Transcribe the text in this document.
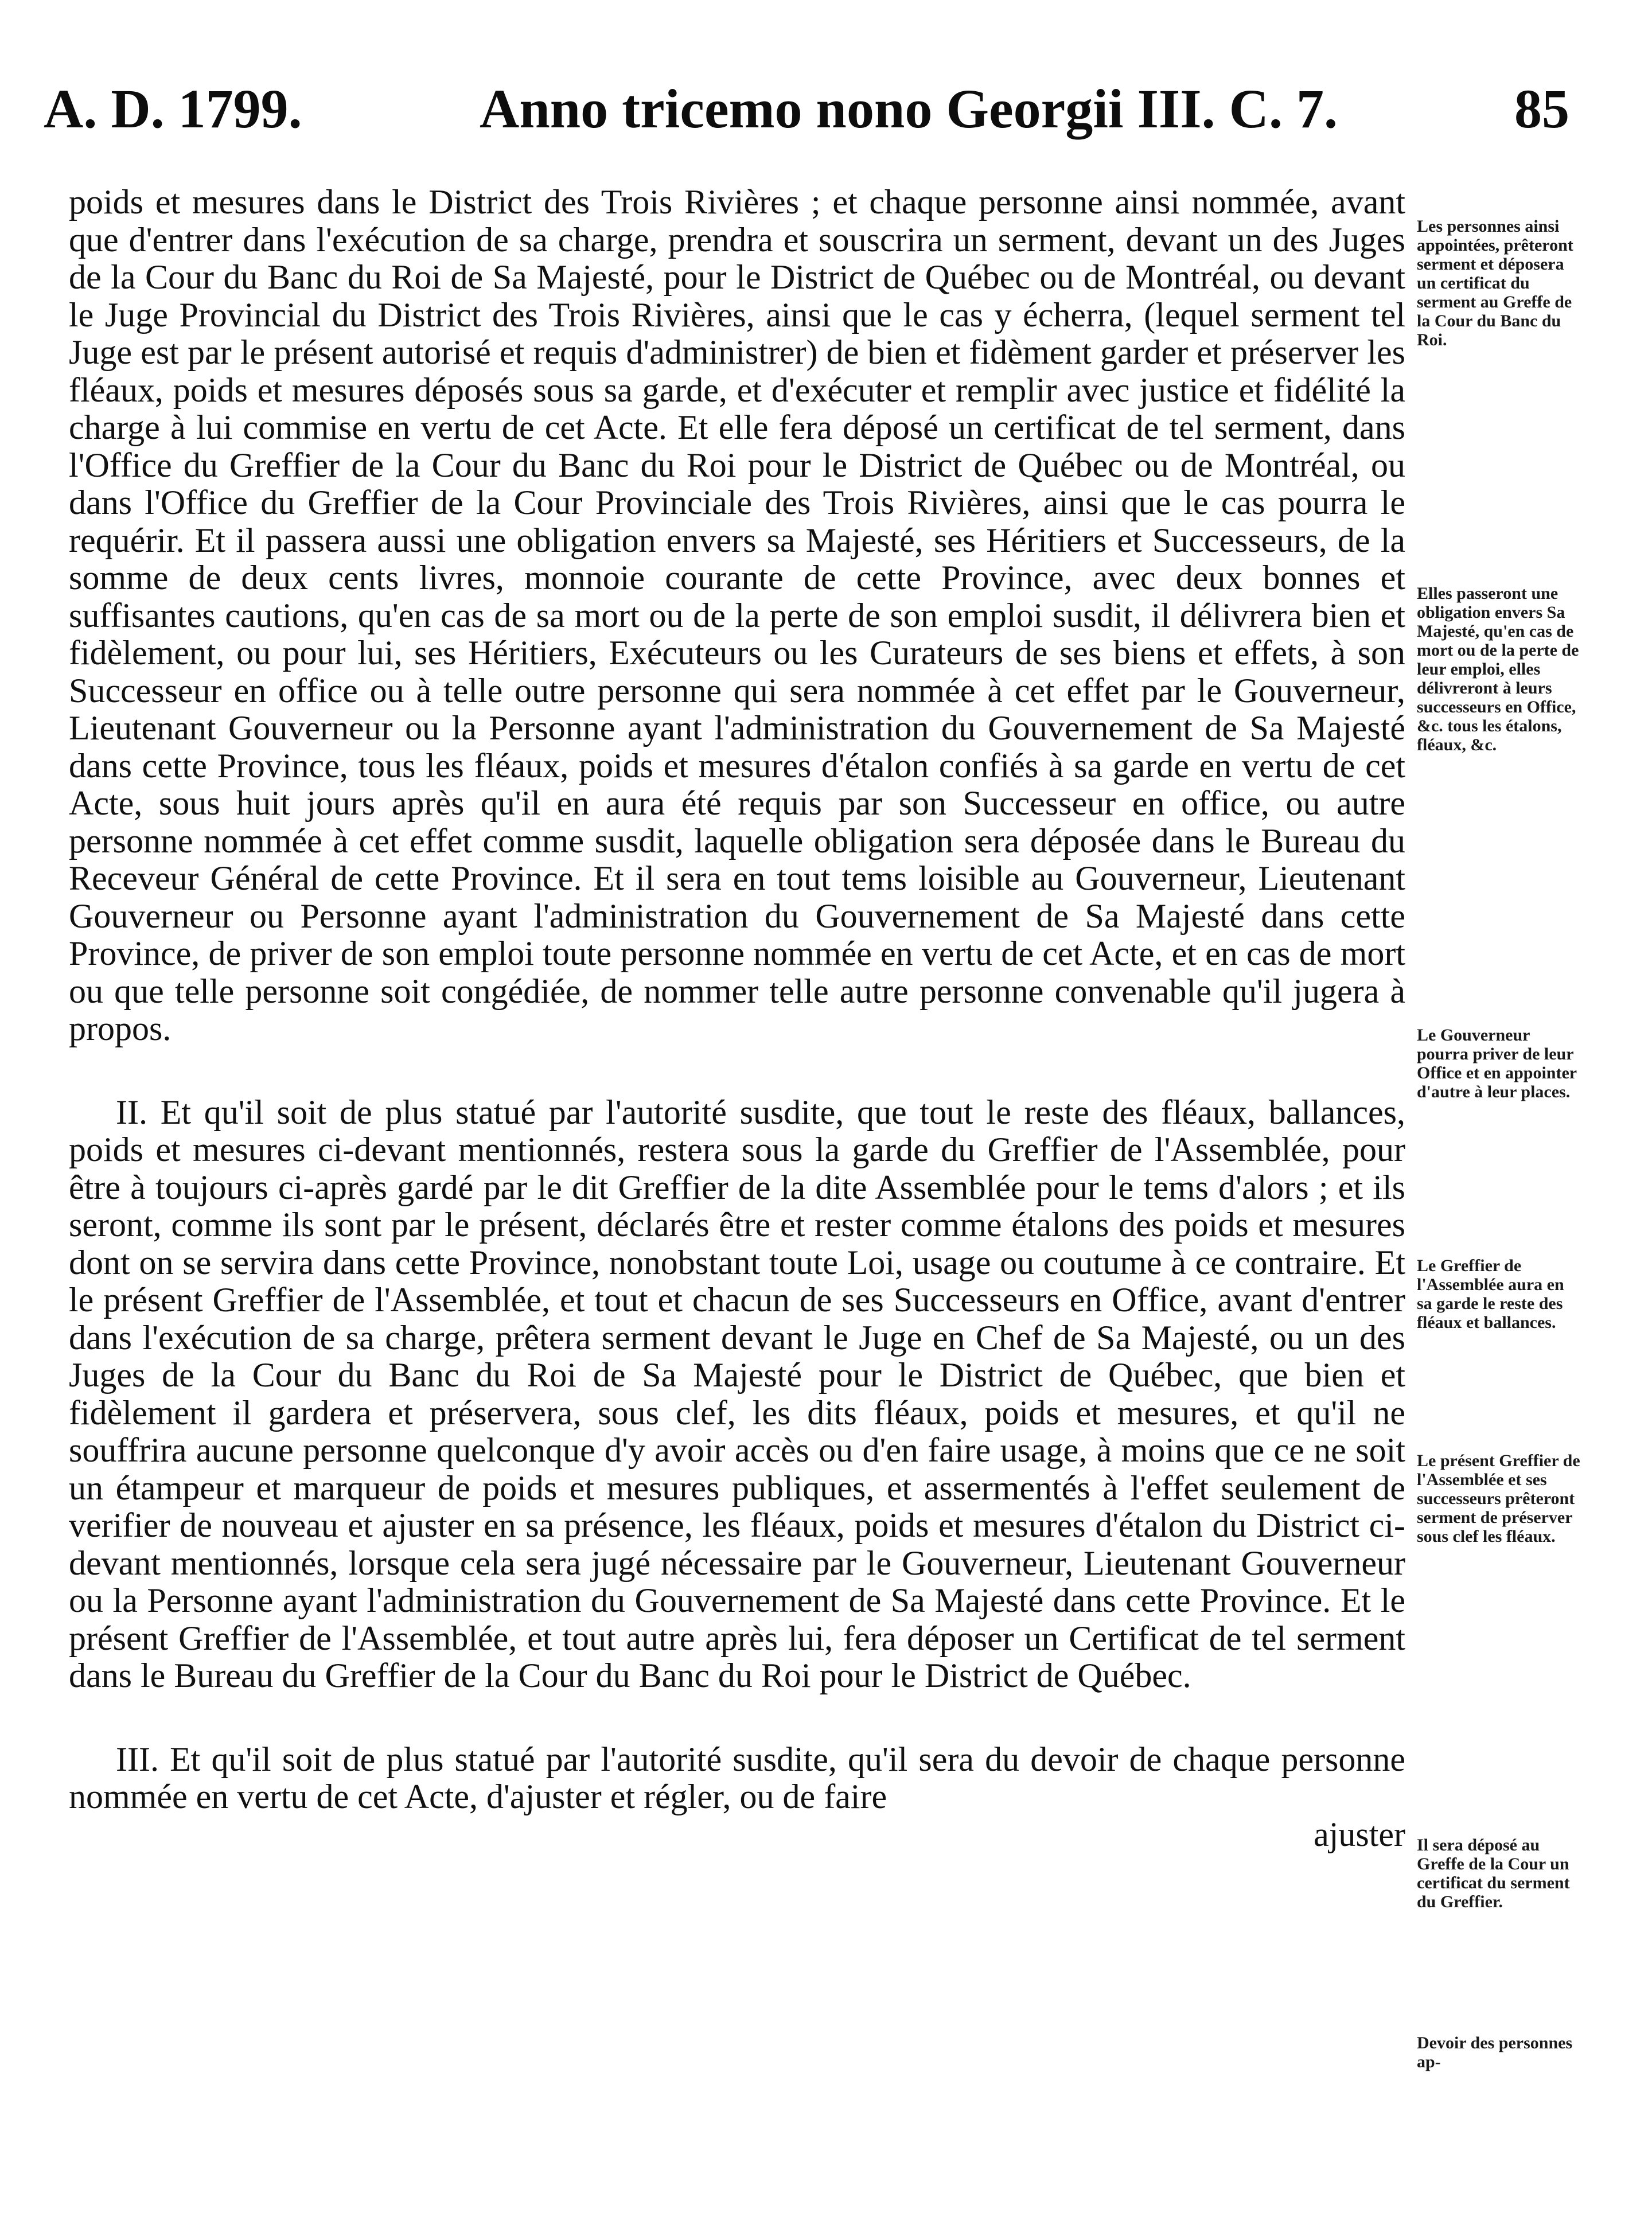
A. D. 1799.	Anno tricemo nono Georgii III. C. 7.	85

poids et mesures dans le District des Trois Rivières ; et chaque personne ainsi nommée, avant que d'entrer dans l'exécution de sa charge, prendra et souscrira un serment, devant un des Juges de la Cour du Banc du Roi de Sa Majesté, pour le District de Québec ou de Montréal, ou devant le Juge Provincial du District des Trois Rivières, ainsi que le cas y écherra, (lequel serment tel Juge est par le présent autorisé et requis d'administrer) de bien et fidèment garder et préserver les fléaux, poids et mesures déposés sous sa garde, et d'exécuter et remplir avec justice et fidélité la charge à lui commise en vertu de cet Acte. Et elle fera déposé un certificat de tel serment, dans l'Office du Greffier de la Cour du Banc du Roi pour le District de Québec ou de Montréal, ou dans l'Office du Greffier de la Cour Provinciale des Trois Rivières, ainsi que le cas pourra le requérir. Et il passera aussi une obligation envers sa Majesté, ses Héritiers et Successeurs, de la somme de deux cents livres, monnoie courante de cette Province, avec deux bonnes et suffisantes cautions, qu'en cas de sa mort ou de la perte de son emploi susdit, il délivrera bien et fidèlement, ou pour lui, ses Héritiers, Exécuteurs ou les Curateurs de ses biens et effets, à son Successeur en office ou à telle outre personne qui sera nommée à cet effet par le Gouverneur, Lieutenant Gouverneur ou la Personne ayant l'administration du Gouvernement de Sa Majesté dans cette Province, tous les fléaux, poids et mesures d'étalon confiés à sa garde en vertu de cet Acte, sous huit jours après qu'il en aura été requis par son Successeur en office, ou autre personne nommée à cet effet comme susdit, laquelle obligation sera déposée dans le Bureau du Receveur Général de cette Province. Et il sera en tout tems loisible au Gouverneur, Lieutenant Gouverneur ou Personne ayant l'administration du Gouvernement de Sa Majesté dans cette Province, de priver de son emploi toute personne nommée en vertu de cet Acte, et en cas de mort ou que telle personne soit congédiée, de nommer telle autre personne convenable qu'il jugera à propos.

II. Et qu'il soit de plus statué par l'autorité susdite, que tout le reste des fléaux, ballances, poids et mesures ci-devant mentionnés, restera sous la garde du Greffier de l'Assemblée, pour être à toujours ci-après gardé par le dit Greffier de la dite Assemblée pour le tems d'alors ; et ils seront, comme ils sont par le présent, déclarés être et rester comme étalons des poids et mesures dont on se servira dans cette Province, nonobstant toute Loi, usage ou coutume à ce contraire. Et le présent Greffier de l'Assemblée, et tout et chacun de ses Successeurs en Office, avant d'entrer dans l'exécution de sa charge, prêtera serment devant le Juge en Chef de Sa Majesté, ou un des Juges de la Cour du Banc du Roi de Sa Majesté pour le District de Québec, que bien et fidèlement il gardera et préservera, sous clef, les dits fléaux, poids et mesures, et qu'il ne souffrira aucune personne quelconque d'y avoir accès ou d'en faire usage, à moins que ce ne soit un étampeur et marqueur de poids et mesures publiques, et assermentés à l'effet seulement de verifier de nouveau et ajuster en sa présence, les fléaux, poids et mesures d'étalon du District ci-devant mentionnés, lorsque cela sera jugé nécessaire par le Gouverneur, Lieutenant Gouverneur ou la Personne ayant l'administration du Gouvernement de Sa Majesté dans cette Province. Et le présent Greffier de l'Assemblée, et tout autre après lui, fera déposer un Certificat de tel serment dans le Bureau du Greffier de la Cour du Banc du Roi pour le District de Québec.

III. Et qu'il soit de plus statué par l'autorité susdite, qu'il sera du devoir de chaque personne nommée en vertu de cet Acte, d'ajuster et régler, ou de faire

ajuster

Les personnes ainsi appointées, prêteront serment et déposera un certificat du serment au Greffe de la Cour du Banc du Roi.
Elles passeront une obligation envers Sa Majesté, qu'en cas de mort ou de la perte de leur emploi, elles délivreront à leurs successeurs en Office, &c. tous les étalons, fléaux, &c.
Le Gouverneur pourra priver de leur Office et en appointer d'autre à leur places.
Le Greffier de l'Assemblée aura en sa garde le reste des fléaux et ballances.
Le présent Greffier de l'Assemblée et ses successeurs prêteront serment de préserver sous clef les fléaux.
Il sera déposé au Greffe de la Cour un certificat du serment du Greffier.
Devoir des personnes ap-
